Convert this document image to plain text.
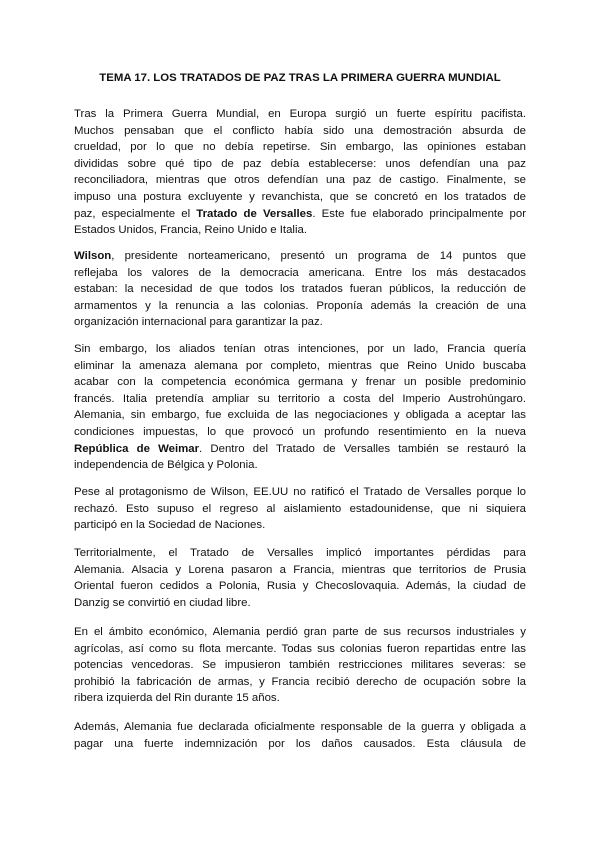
TEMA 17. LOS TRATADOS DE PAZ TRAS LA PRIMERA GUERRA MUNDIAL
Tras la Primera Guerra Mundial, en Europa surgió un fuerte espíritu pacifista.
Muchos pensaban que el conflicto había sido una demostración absurda de
crueldad, por lo que no debía repetirse. Sin embargo, las opiniones estaban
divididas sobre qué tipo de paz debía establecerse: unos defendían una paz
reconciliadora, mientras que otros defendían una paz de castigo. Finalmente, se
impuso una postura excluyente y revanchista, que se concretó en los tratados de
paz, especialmente el Tratado de Versalles. Este fue elaborado principalmente por
Estados Unidos, Francia, Reino Unido e Italia.
Wilson, presidente norteamericano, presentó un programa de 14 puntos que
reflejaba los valores de la democracia americana. Entre los más destacados
estaban: la necesidad de que todos los tratados fueran públicos, la reducción de
armamentos y la renuncia a las colonias. Proponía además la creación de una
organización internacional para garantizar la paz.
Sin embargo, los aliados tenían otras intenciones, por un lado, Francia quería
eliminar la amenaza alemana por completo, mientras que Reino Unido buscaba
acabar con la competencia económica germana y frenar un posible predominio
francés. Italia pretendía ampliar su territorio a costa del Imperio Austrohúngaro.
Alemania, sin embargo, fue excluida de las negociaciones y obligada a aceptar las
condiciones impuestas, lo que provocó un profundo resentimiento en la nueva
República de Weimar. Dentro del Tratado de Versalles también se restauró la
independencia de Bélgica y Polonia.
Pese al protagonismo de Wilson, EE.UU no ratificó el Tratado de Versalles porque lo
rechazó. Esto supuso el regreso al aislamiento estadounidense, que ni siquiera
participó en la Sociedad de Naciones.
Territorialmente, el Tratado de Versalles implicó importantes pérdidas para
Alemania. Alsacia y Lorena pasaron a Francia, mientras que territorios de Prusia
Oriental fueron cedidos a Polonia, Rusia y Checoslovaquia. Además, la ciudad de
Danzig se convirtió en ciudad libre.
En el ámbito económico, Alemania perdió gran parte de sus recursos industriales y
agrícolas, así como su flota mercante. Todas sus colonias fueron repartidas entre las
potencias vencedoras. Se impusieron también restricciones militares severas: se
prohibió la fabricación de armas, y Francia recibió derecho de ocupación sobre la
ribera izquierda del Rin durante 15 años.
Además, Alemania fue declarada oficialmente responsable de la guerra y obligada a
pagar una fuerte indemnización por los daños causados. Esta cláusula de
